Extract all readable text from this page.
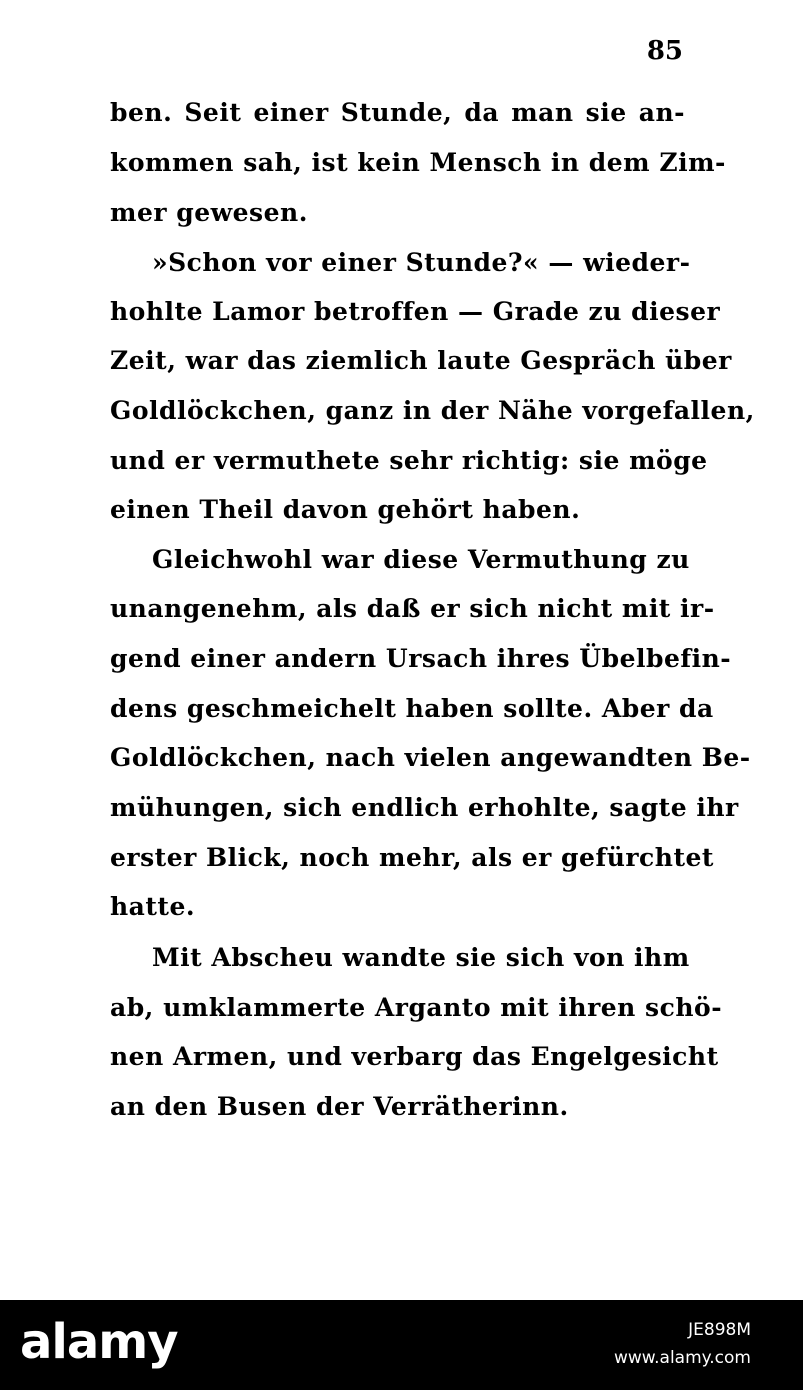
85
ben. Seit einer Stunde, da man sie an-
kommen sah, ist kein Mensch in dem Zim-
mer gewesen.
»Schon vor einer Stunde?« — wieder-
hohlte Lamor betroffen — Grade zu dieser
Zeit, war das ziemlich laute Gespräch über
Goldlöckchen, ganz in der Nähe vorgefallen,
und er vermuthete sehr richtig: sie möge
einen Theil davon gehört haben.
Gleichwohl war diese Vermuthung zu
unangenehm, als daß er sich nicht mit ir-
gend einer andern Ursach ihres Übelbefin-
dens geschmeichelt haben sollte. Aber da
Goldlöckchen, nach vielen angewandten Be-
mühungen, sich endlich erhohlte, sagte ihr
erster Blick, noch mehr, als er gefürchtet
hatte.
Mit Abscheu wandte sie sich von ihm
ab, umklammerte Arganto mit ihren schö-
nen Armen, und verbarg das Engelgesicht
an den Busen der Verrätherinn.
alamy	JE898M
www.alamy.com
